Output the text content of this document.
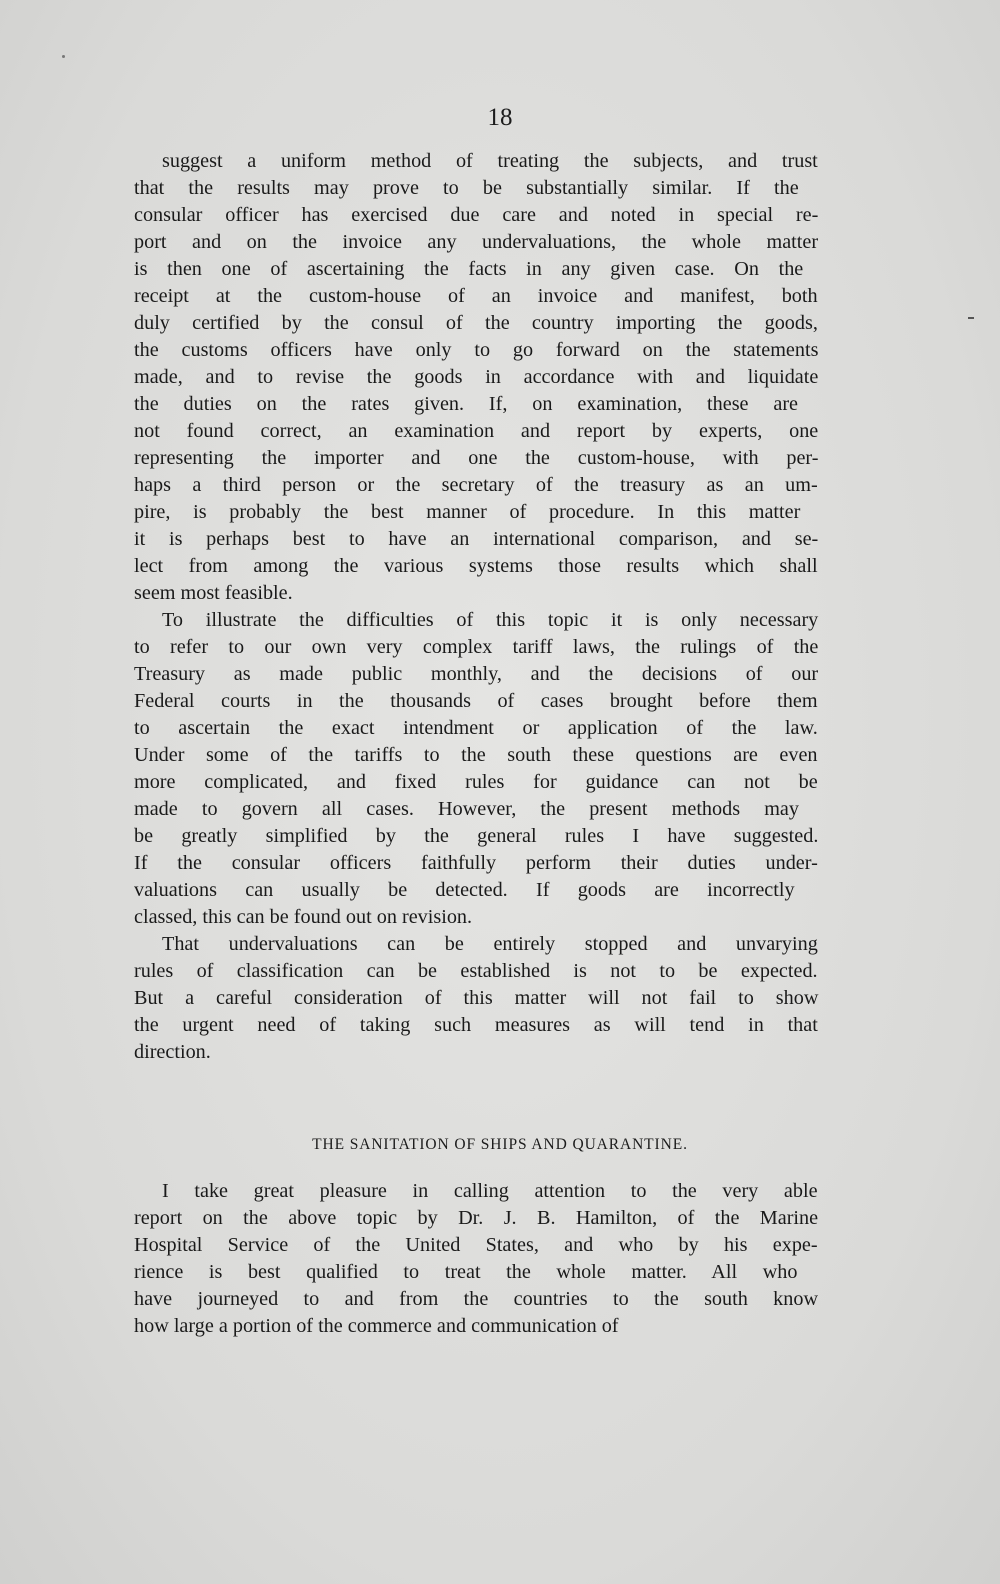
18
suggest a uniform method of treating the subjects, and trust
that the results may prove to be substantially similar. If the
consular officer has exercised due care and noted in special re-
port and on the invoice any undervaluations, the whole matter
is then one of ascertaining the facts in any given case. On the
receipt at the custom-house of an invoice and manifest, both
duly certified by the consul of the country importing the goods,
the customs officers have only to go forward on the statements
made, and to revise the goods in accordance with and liquidate
the duties on the rates given. If, on examination, these are
not found correct, an examination and report by experts, one
representing the importer and one the custom-house, with per-
haps a third person or the secretary of the treasury as an um-
pire, is probably the best manner of procedure. In this matter
it is perhaps best to have an international comparison, and se-
lect from among the various systems those results which shall
seem most feasible.
To illustrate the difficulties of this topic it is only necessary
to refer to our own very complex tariff laws, the rulings of the
Treasury as made public monthly, and the decisions of our
Federal courts in the thousands of cases brought before them
to ascertain the exact intendment or application of the law.
Under some of the tariffs to the south these questions are even
more complicated, and fixed rules for guidance can not be
made to govern all cases. However, the present methods may
be greatly simplified by the general rules I have suggested.
If the consular officers faithfully perform their duties under-
valuations can usually be detected. If goods are incorrectly
classed, this can be found out on revision.
That undervaluations can be entirely stopped and unvarying
rules of classification can be established is not to be expected.
But a careful consideration of this matter will not fail to show
the urgent need of taking such measures as will tend in that
direction.
THE SANITATION OF SHIPS AND QUARANTINE.
I take great pleasure in calling attention to the very able
report on the above topic by Dr. J. B. Hamilton, of the Marine
Hospital Service of the United States, and who by his expe-
rience is best qualified to treat the whole matter. All who
have journeyed to and from the countries to the south know
how large a portion of the commerce and communication of
